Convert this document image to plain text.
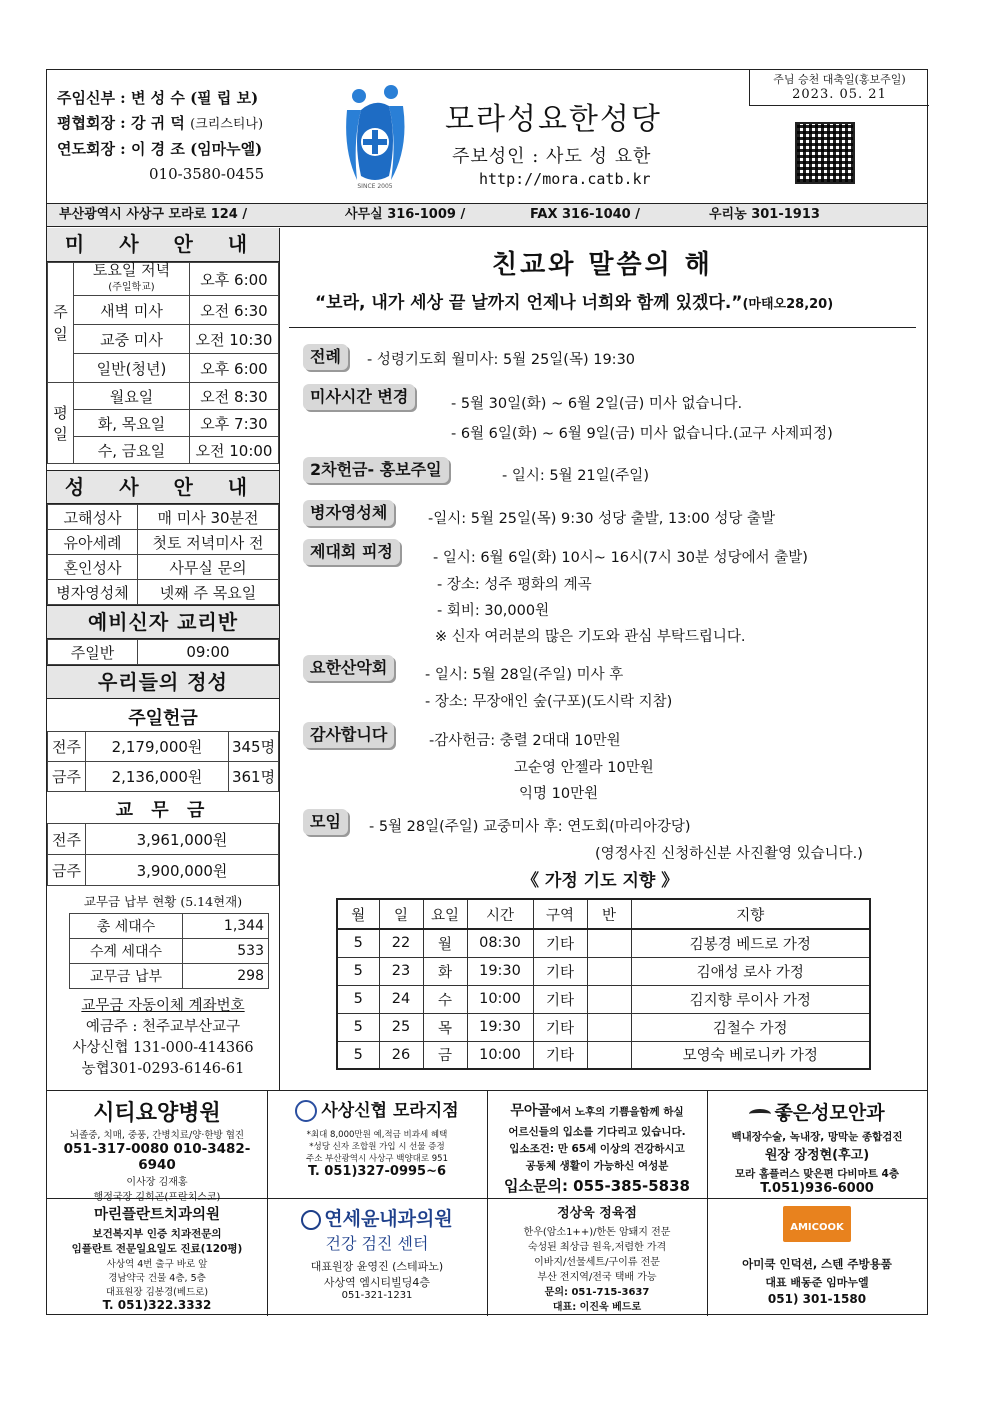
주임신부 : 변 성 수 (필 립 보)
평협회장 : 강 귀 덕 (크리스티나)
연도회장 : 이 경 조 (임마누엘)
010-3580-0455
SINCE 2005
모라성요한성당
주보성인 : 사도 성 요한
http://mora.catb.kr
주님 승천 대축일(홍보주일)
2023. 05. 21
부산광역시 사상구 모라로 124 /	사무실 316-1009 /	FAX 316-1040 /	우리농 301-1913
미 사 안 내
주일	토요일 저녁
(주일학교)	오후 6:00
	새벽 미사	오전 6:30
	교중 미사	오전 10:30
	일반(청년)	오후 6:00
평일	월요일	오전 8:30
	화, 목요일	오후 7:30
	수, 금요일	오전 10:00
성 사 안 내
고해성사	매 미사 30분전
유아세례	첫토 저녁미사 전
혼인성사	사무실 문의
병자영성체	넷째 주 목요일
예비신자 교리반
주일반	09:00
우리들의 정성
주일헌금
전주	2,179,000원	345명
금주	2,136,000원	361명
교 무 금
전주	3,961,000원
금주	3,900,000원
교무금 납부 현황 (5.14현재)
총 세대수	1,344
수계 세대수	533
교무금 납부	298
교무금 자동이체 계좌번호
예금주 : 천주교부산교구
사상신협 131-000-414366
농협301-0293-6146-61
친교와 말씀의 해
“보라, 내가 세상 끝 날까지 언제나 너희와 함께 있겠다.”(마태오28,20)
전례	- 성령기도회 월미사: 5월 25일(목) 19:30
미사시간 변경	- 5월 30일(화) ~ 6월 2일(금) 미사 없습니다.
- 6월 6일(화) ~ 6월 9일(금) 미사 없습니다.(교구 사제피정)
2차헌금- 홍보주일	- 일시: 5월 21일(주일)
병자영성체	-일시: 5월 25일(목) 9:30 성당 출발, 13:00 성당 출발
제대회 피정	- 일시: 6월 6일(화) 10시~ 16시(7시 30분 성당에서 출발)
- 장소: 성주 평화의 계곡
- 회비: 30,000원
※ 신자 여러분의 많은 기도와 관심 부탁드립니다.
요한산악회	- 일시: 5월 28일(주일) 미사 후
- 장소: 무장애인 숲(구포)(도시락 지참)
감사합니다	-감사헌금: 충렬 2대대 10만원
고순영 안젤라 10만원
익명 10만원
모임	- 5월 28일(주일) 교중미사 후: 연도회(마리아강당)
(영정사진 신청하신분 사진촬영 있습니다.)
《 가정 기도 지향 》
월	일	요일	시간	구역	반	지향
5	22	월	08:30	기타		김봉경 베드로 가정
5	23	화	19:30	기타		김애성 로사 가정
5	24	수	10:00	기타		김지향 루이사 가정
5	25	목	19:30	기타		김철수 가정
5	26	금	10:00	기타		모영숙 베로니카 가정
시티요양병원
뇌졸중, 치매, 중풍, 간병치료/양·한방 협진
051-317-0080 010-3482-6940
이사장 김재홍
행정국장 김희곤(프란치스코)
사상신협 모라지점
*최대 8,000만원 예,적금 비과세 혜택
*성당 신자 조합원 가입 시 선물 증정
주소 부산광역시 사상구 백양대로 951
T. 051)327-0995~6
무아골에서 노후의 기쁨을함께 하실
어르신들의 입소를 기다리고 있습니다.
입소조건: 만 65세 이상의 건강하시고
공동체 생활이 가능하신 여성분
입소문의: 055-385-5838
좋은성모안과
백내장수술, 녹내장, 망막눈 종합검진
원장 장정현(후고)
모라 홈플러스 맞은편 다비마트 4층
T.051)936-6000
마린플란트치과의원
보건복지부 인증 치과전문의
임플란트 전문일요일도 진료(120평)
사상역 4번 출구 바로 앞
경남약국 건물 4층, 5층
대표원장 김봉경(베드로)
T. 051)322.3332
연세윤내과의원
건강 검진 센터
대표원장 윤영진 (스테파노)
사상역 엠시티빌딩4층
051-321-1231
정상욱 정육점
한우(암소1++)/한돈 암돼지 전문
숙성된 최상급 원육,저렴한 가격
이바지/선물세트/구이류 전문
부산 전지역/전국 택배 가능
문의: 051-715-3637
대표: 이진욱 베드로
AMICOOK
아미쿡 인덕션, 스텐 주방용품
대표 배동준 임마누엘
051) 301-1580
